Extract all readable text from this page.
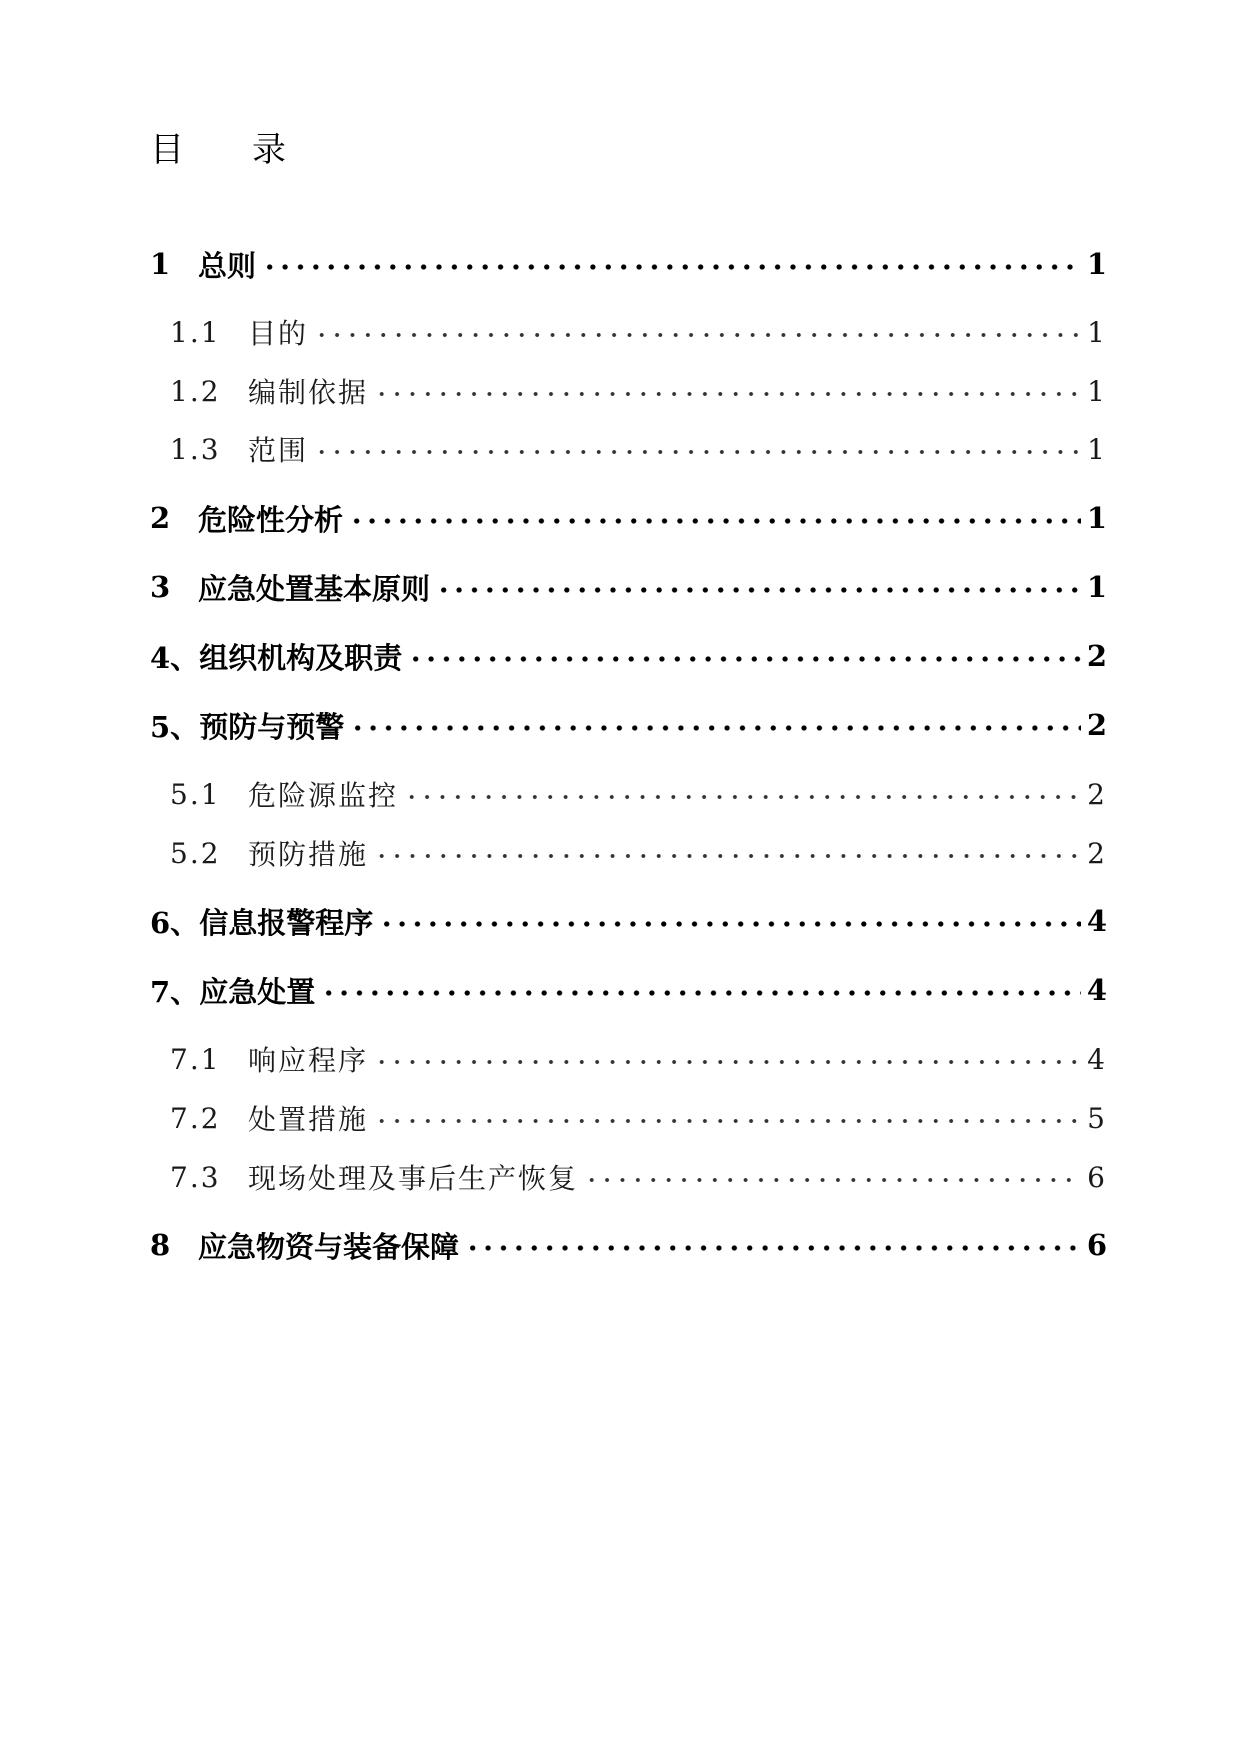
目　　录
1 总则	1
1.1 目的	1
1.2 编制依据	1
1.3 范围	1
2 危险性分析	1
3 应急处置基本原则	1
4、 组织机构及职责	2
5、 预防与预警	2
5.1 危险源监控	2
5.2 预防措施	2
6、 信息报警程序	4
7、 应急处置	4
7.1 响应程序	4
7.2 处置措施	5
7.3 现场处理及事后生产恢复	6
8 应急物资与装备保障	6
